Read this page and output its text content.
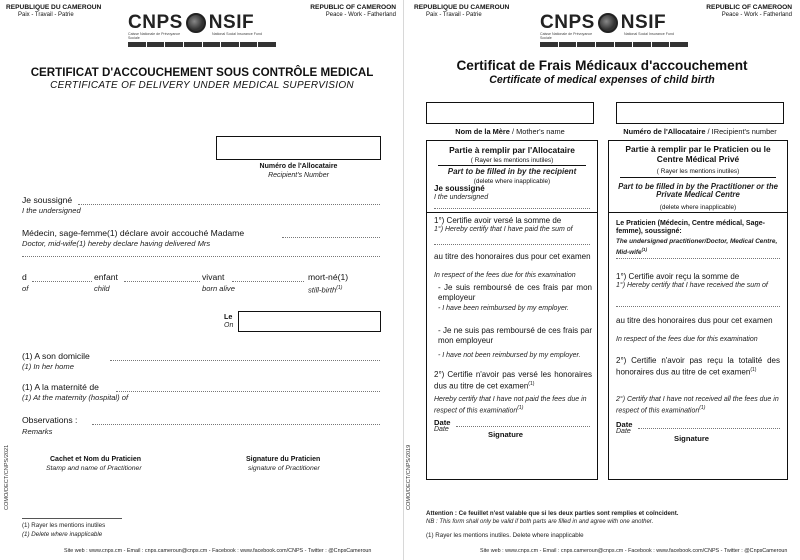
REPUBLIQUE DU CAMEROUN
Paix - Travail - Patrie	CNPS NSIF
Caisse Nationale de Prévoyance Sociale
National Social Insurance Fund
REPUBLIC OF CAMEROON
Peace - Work - Fatherland
CERTIFICAT D'ACCOUCHEMENT SOUS CONTRÔLE MEDICAL
CERTIFICATE OF DELIVERY UNDER MEDICAL SUPERVISION
Numéro de l'Allocataire
Recipient's Number
Je soussigné
I the undersigned
Médecin, sage-femme(1) déclare avoir accouché Madame
Doctor, mid-wife(1) hereby declare having delivered Mrs
d	enfant	vivant	mort-né(1)
of	child	born alive	still-birth$^{(1)}$
Le
On
(1) A son domicile
(1) In her home
(1) A la maternité de
(1) At the maternity (hospital) of
Observations :
Remarks
Cachet et Nom du Praticien
Stamp and name of Practitioner
Signature du Praticien
signature of Practitioner
(1) Rayer les mentions inutiles
(1) Delete where inapplicable
COMO/DECT/CNPS/2021
Site web : www.cnps.cm - Email : cnps.cameroun@cnps.cm - Facebook : www.facebook.com/CNPS - Twitter : @CnpsCameroun
REPUBLIQUE DU CAMEROUN
Paix - Travail - Patrie	CNPS NSIF
Caisse Nationale de Prévoyance Sociale
National Social Insurance Fund
REPUBLIC OF CAMEROON
Peace - Work - Fatherland
Certificat de Frais Médicaux d'accouchement
Certificate of medical expenses of child birth
Nom de la Mère / Mother's name	Numéro de l'Allocataire / IRecipient's number
Partie à remplir par l'Allocataire
( Rayer les mentions inutiles)
Part to be filled in by the recipient
(delete where inapplicable)
Je soussigné
I the undersigned
1°) Certifie avoir versé la somme de
1°) Hereby certify that I have paid the sum of
au titre des honoraires dus pour cet examen
In respect of the fees due for this examination
- Je suis remboursé de ces frais par mon employeur
- I have been reimbursed by my employer.
- Je ne suis pas remboursé de ces frais par mon employeur
- I have not been reimbursed by my employer.
2°) Certifie n'avoir pas versé les honoraires dus au titre de cet examen$^{(1)}$
Hereby certify that I have not paid the fees due in respect of this examination$^{(1)}$
Date
Date
Signature
Partie à remplir par le Praticien ou le Centre Médical Privé
( Rayer les mentions inutiles)
Part to be filled in by the Practitioner or the Private Medical Centre
(delete where inapplicable)
Le Praticien (Médecin, Centre médical, Sage-femme), soussigné:
The undersigned practitioner/Doctor, Medical Centre, Mid-wife$^{(1)}$
1°) Certifie avoir reçu la somme de
1°) Hereby certify that I have received the sum of
au titre des honoraires dus pour cet examen
In respect of the fees due for this examination
2°) Certifie n'avoir pas reçu la totalité des honoraires dus au titre de cet examen$^{(1)}$
2°) Certify that I have not received all the fees due in respect of this examination$^{(1)}$
Date
Date
Signature
Attention : Ce feuillet n'est valable que si les deux parties sont remplies et coïncident.
NB : This form shall only be valid if both parts are filled in and agree with one another.
(1) Rayer les mentions inutiles. Delete where inapplicable
COMO/DECT/CNPS/2019
Site web : www.cnps.cm - Email : cnps.cameroun@cnps.cm - Facebook : www.facebook.com/CNPS - Twitter : @CnpsCameroun
